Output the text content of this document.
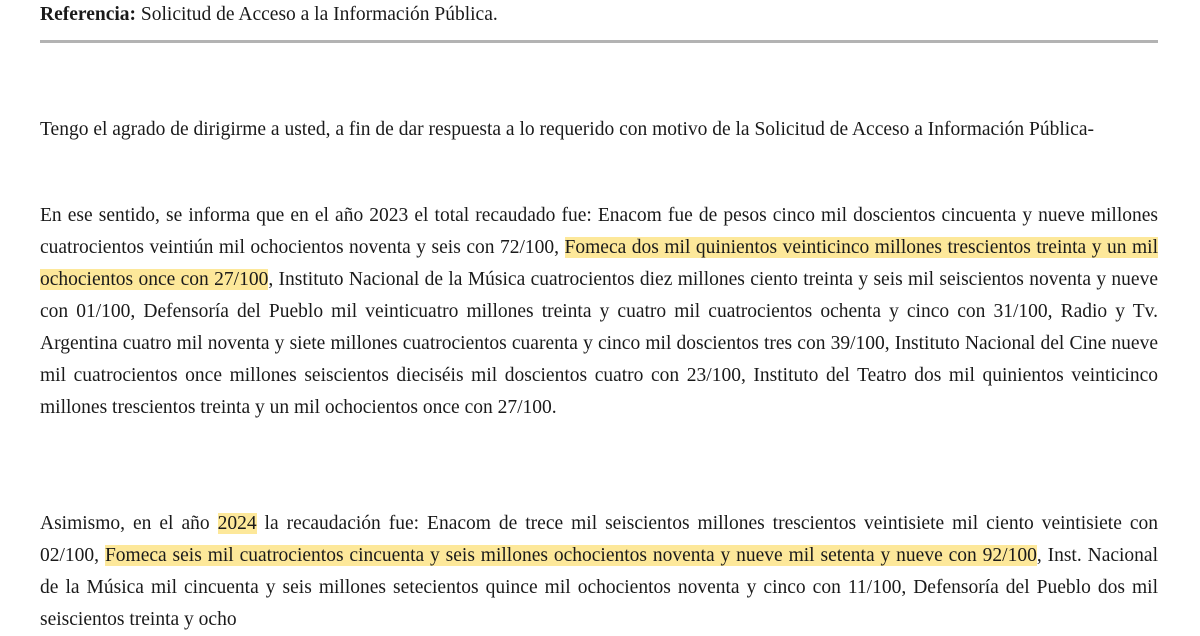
Referencia: Solicitud de Acceso a la Información Pública.

Tengo el agrado de dirigirme a usted, a fin de dar respuesta a lo requerido con motivo de la Solicitud de Acceso a Información Pública-

En ese sentido, se informa que en el año 2023 el total recaudado fue: Enacom fue de pesos cinco mil doscientos cincuenta y nueve millones cuatrocientos veintiún mil ochocientos noventa y seis con 72/100, Fomeca dos mil quinientos veinticinco millones trescientos treinta y un mil ochocientos once con 27/100, Instituto Nacional de la Música cuatrocientos diez millones ciento treinta y seis mil seiscientos noventa y nueve con 01/100, Defensoría del Pueblo mil veinticuatro millones treinta y cuatro mil cuatrocientos ochenta y cinco con 31/100, Radio y Tv. Argentina cuatro mil noventa y siete millones cuatrocientos cuarenta y cinco mil doscientos tres con 39/100, Instituto Nacional del Cine nueve mil cuatrocientos once millones seiscientos dieciséis mil doscientos cuatro con 23/100, Instituto del Teatro dos mil quinientos veinticinco millones trescientos treinta y un mil ochocientos once con 27/100.

Asimismo, en el año 2024 la recaudación fue: Enacom de trece mil seiscientos millones trescientos veintisiete mil ciento veintisiete con 02/100, Fomeca seis mil cuatrocientos cincuenta y seis millones ochocientos noventa y nueve mil setenta y nueve con 92/100, Inst. Nacional de la Música mil cincuenta y seis millones setecientos quince mil ochocientos noventa y cinco con 11/100, Defensoría del Pueblo dos mil seiscientos treinta y ocho
